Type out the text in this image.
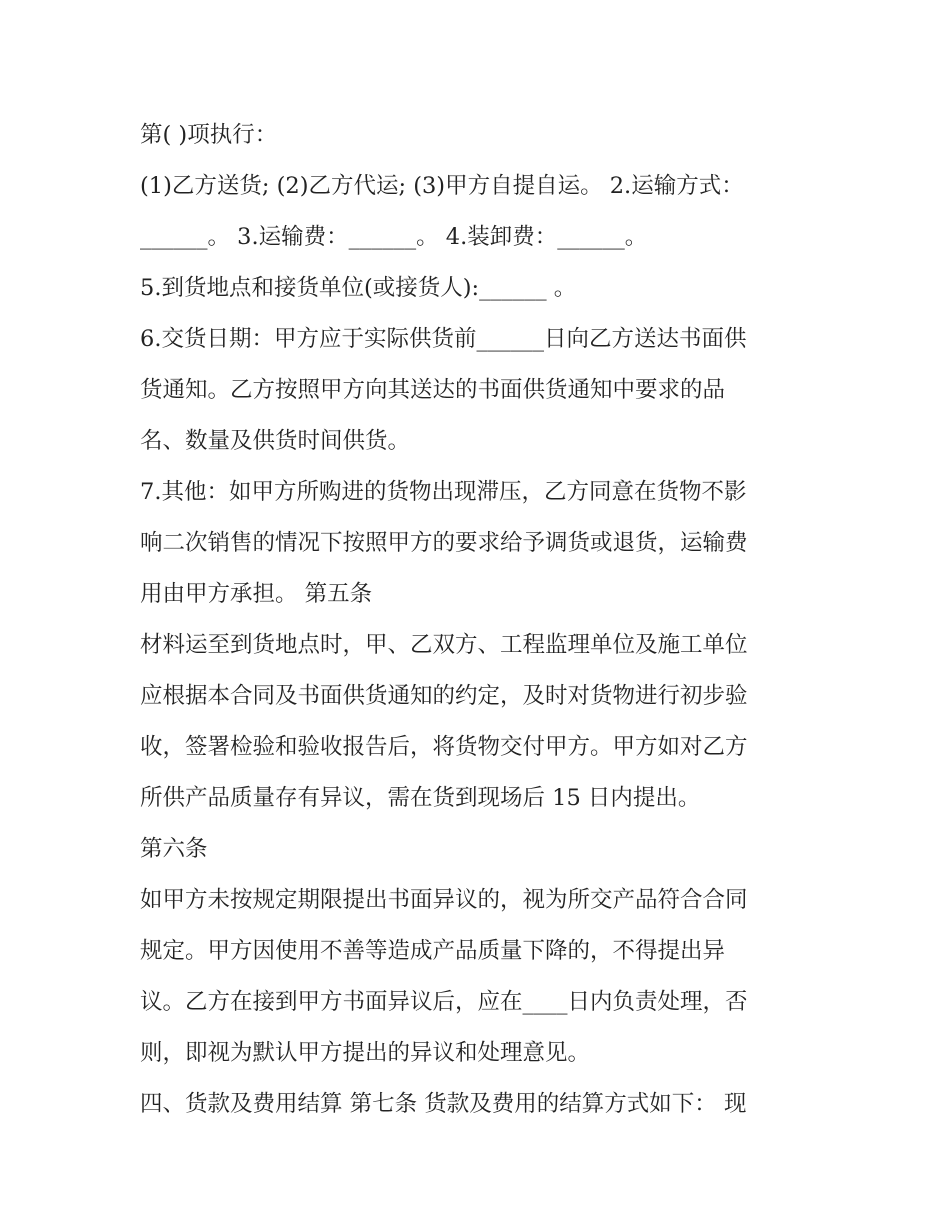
第( )项执行：
(1)乙方送货; (2)乙方代运; (3)甲方自提自运。 2.运输方式：
______。 3.运输费：______。 4.装卸费：______。
5.到货地点和接货单位(或接货人):______ 。
6.交货日期：甲方应于实际供货前______日向乙方送达书面供
货通知。乙方按照甲方向其送达的书面供货通知中要求的品
名、数量及供货时间供货。
7.其他：如甲方所购进的货物出现滞压，乙方同意在货物不影
响二次销售的情况下按照甲方的要求给予调货或退货，运输费
用由甲方承担。 第五条
材料运至到货地点时，甲、乙双方、工程监理单位及施工单位
应根据本合同及书面供货通知的约定，及时对货物进行初步验
收，签署检验和验收报告后，将货物交付甲方。甲方如对乙方
所供产品质量存有异议，需在货到现场后 15 日内提出。
第六条
如甲方未按规定期限提出书面异议的，视为所交产品符合合同
规定。甲方因使用不善等造成产品质量下降的，不得提出异
议。乙方在接到甲方书面异议后，应在____日内负责处理，否
则，即视为默认甲方提出的异议和处理意见。
四、货款及费用结算 第七条 货款及费用的结算方式如下： 现
